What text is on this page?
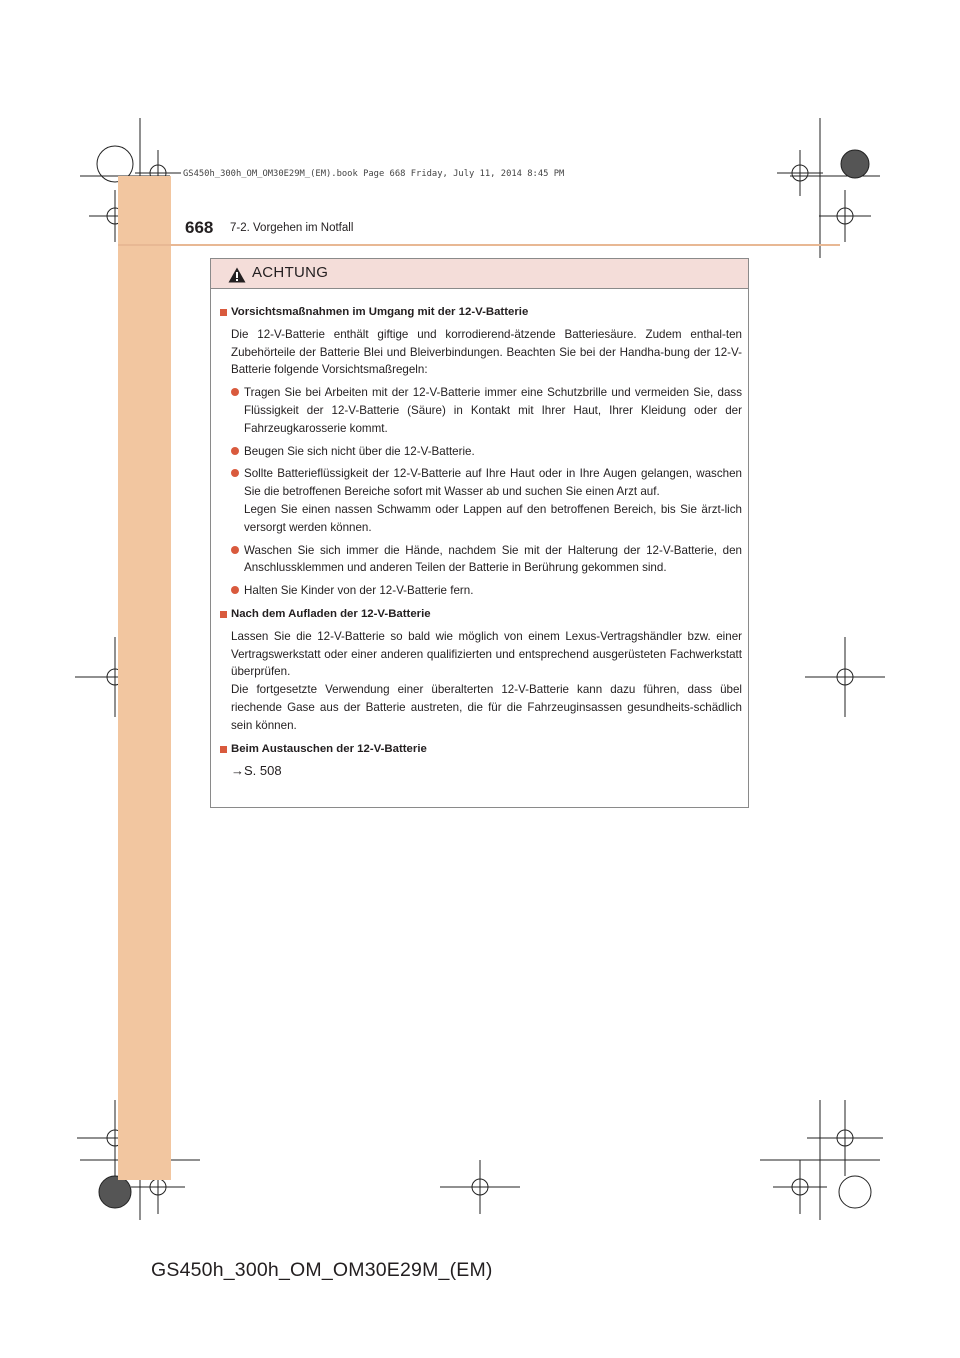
GS450h_300h_OM_OM30E29M_(EM).book Page 668 Friday, July 11, 2014 8:45 PM
668 7-2. Vorgehen im Notfall
ACHTUNG
Vorsichtsmaßnahmen im Umgang mit der 12-V-Batterie
Die 12-V-Batterie enthält giftige und korrodierend-ätzende Batteriesäure. Zudem enthal-ten Zubehörteile der Batterie Blei und Bleiverbindungen. Beachten Sie bei der Handha-bung der 12-V-Batterie folgende Vorsichtsmaßregeln:
Tragen Sie bei Arbeiten mit der 12-V-Batterie immer eine Schutzbrille und vermeiden Sie, dass Flüssigkeit der 12-V-Batterie (Säure) in Kontakt mit Ihrer Haut, Ihrer Kleidung oder der Fahrzeugkarosserie kommt.
Beugen Sie sich nicht über die 12-V-Batterie.
Sollte Batterieflüssigkeit der 12-V-Batterie auf Ihre Haut oder in Ihre Augen gelangen, waschen Sie die betroffenen Bereiche sofort mit Wasser ab und suchen Sie einen Arzt auf.
Legen Sie einen nassen Schwamm oder Lappen auf den betroffenen Bereich, bis Sie ärzt-lich versorgt werden können.
Waschen Sie sich immer die Hände, nachdem Sie mit der Halterung der 12-V-Batterie, den Anschlussklemmen und anderen Teilen der Batterie in Berührung gekommen sind.
Halten Sie Kinder von der 12-V-Batterie fern.
Nach dem Aufladen der 12-V-Batterie
Lassen Sie die 12-V-Batterie so bald wie möglich von einem Lexus-Vertragshändler bzw. einer Vertragswerkstatt oder einer anderen qualifizierten und entsprechend ausgerüsteten Fachwerkstatt überprüfen.
Die fortgesetzte Verwendung einer überalterten 12-V-Batterie kann dazu führen, dass übel riechende Gase aus der Batterie austreten, die für die Fahrzeuginsassen gesundheits-schädlich sein können.
Beim Austauschen der 12-V-Batterie
→S. 508
GS450h_300h_OM_OM30E29M_(EM)
